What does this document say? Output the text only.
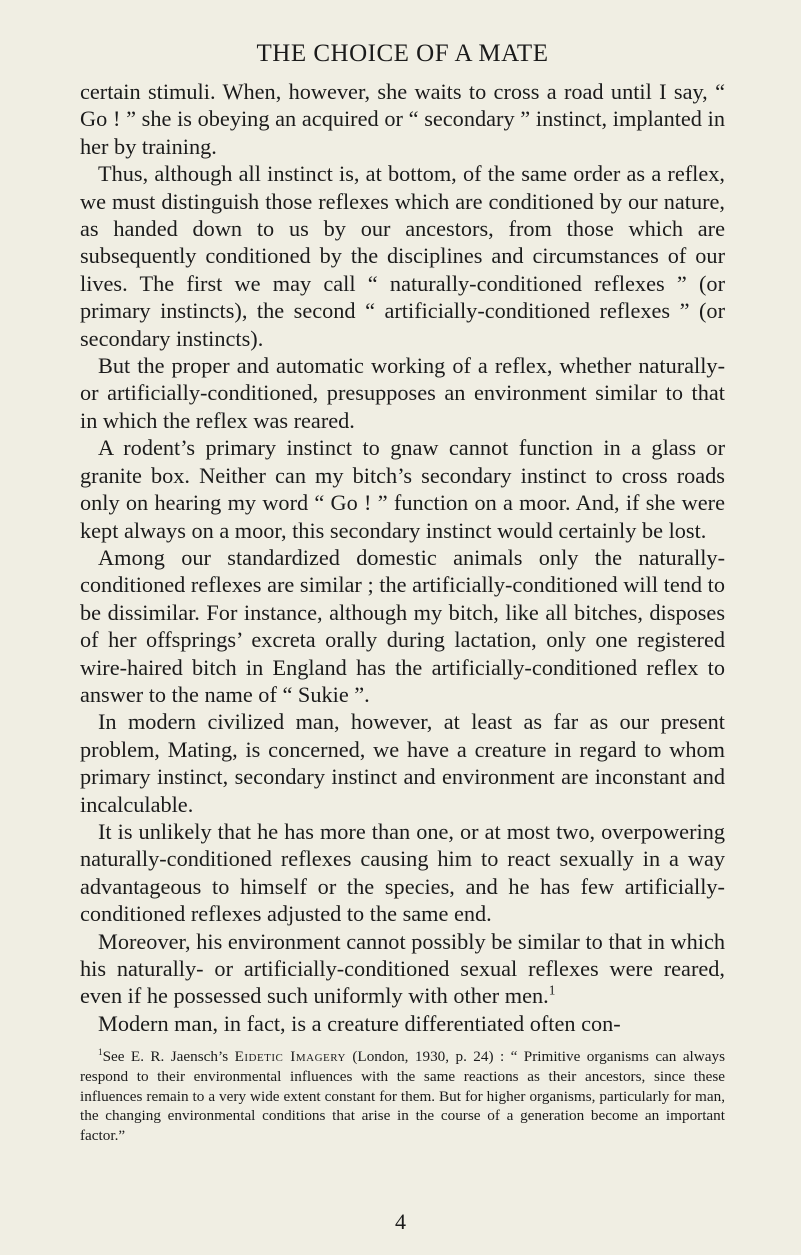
THE CHOICE OF A MATE

certain stimuli. When, however, she waits to cross a road until I say, “ Go ! ” she is obeying an acquired or “ secondary ” instinct, implanted in her by training.

Thus, although all instinct is, at bottom, of the same order as a reflex, we must distinguish those reflexes which are conditioned by our nature, as handed down to us by our ancestors, from those which are subsequently conditioned by the disciplines and circumstances of our lives. The first we may call “ naturally-conditioned reflexes ” (or primary instincts), the second “ artificially-conditioned reflexes ” (or secondary instincts).

But the proper and automatic working of a reflex, whether naturally- or artificially-conditioned, presupposes an environment similar to that in which the reflex was reared.

A rodent’s primary instinct to gnaw cannot function in a glass or granite box. Neither can my bitch’s secondary instinct to cross roads only on hearing my word “ Go ! ” function on a moor. And, if she were kept always on a moor, this secondary instinct would certainly be lost.

Among our standardized domestic animals only the naturally-conditioned reflexes are similar ; the artificially-conditioned will tend to be dissimilar. For instance, although my bitch, like all bitches, disposes of her offsprings’ excreta orally during lactation, only one registered wire-haired bitch in England has the artificially-conditioned reflex to answer to the name of “ Sukie ”.

In modern civilized man, however, at least as far as our present problem, Mating, is concerned, we have a creature in regard to whom primary instinct, secondary instinct and environment are inconstant and incalculable.

It is unlikely that he has more than one, or at most two, overpowering naturally-conditioned reflexes causing him to react sexually in a way advantageous to himself or the species, and he has few artificially-conditioned reflexes adjusted to the same end.

Moreover, his environment cannot possibly be similar to that in which his naturally- or artificially-conditioned sexual reflexes were reared, even if he possessed such uniformly with other men.$^1$

Modern man, in fact, is a creature differentiated often con-

$^1$See E. R. Jaensch’s Eidetic Imagery (London, 1930, p. 24) : “ Primitive organisms can always respond to their environmental influences with the same reactions as their ancestors, since these influences remain to a very wide extent constant for them. But for higher organisms, particularly for man, the changing environmental conditions that arise in the course of a generation become an important factor.”

4
